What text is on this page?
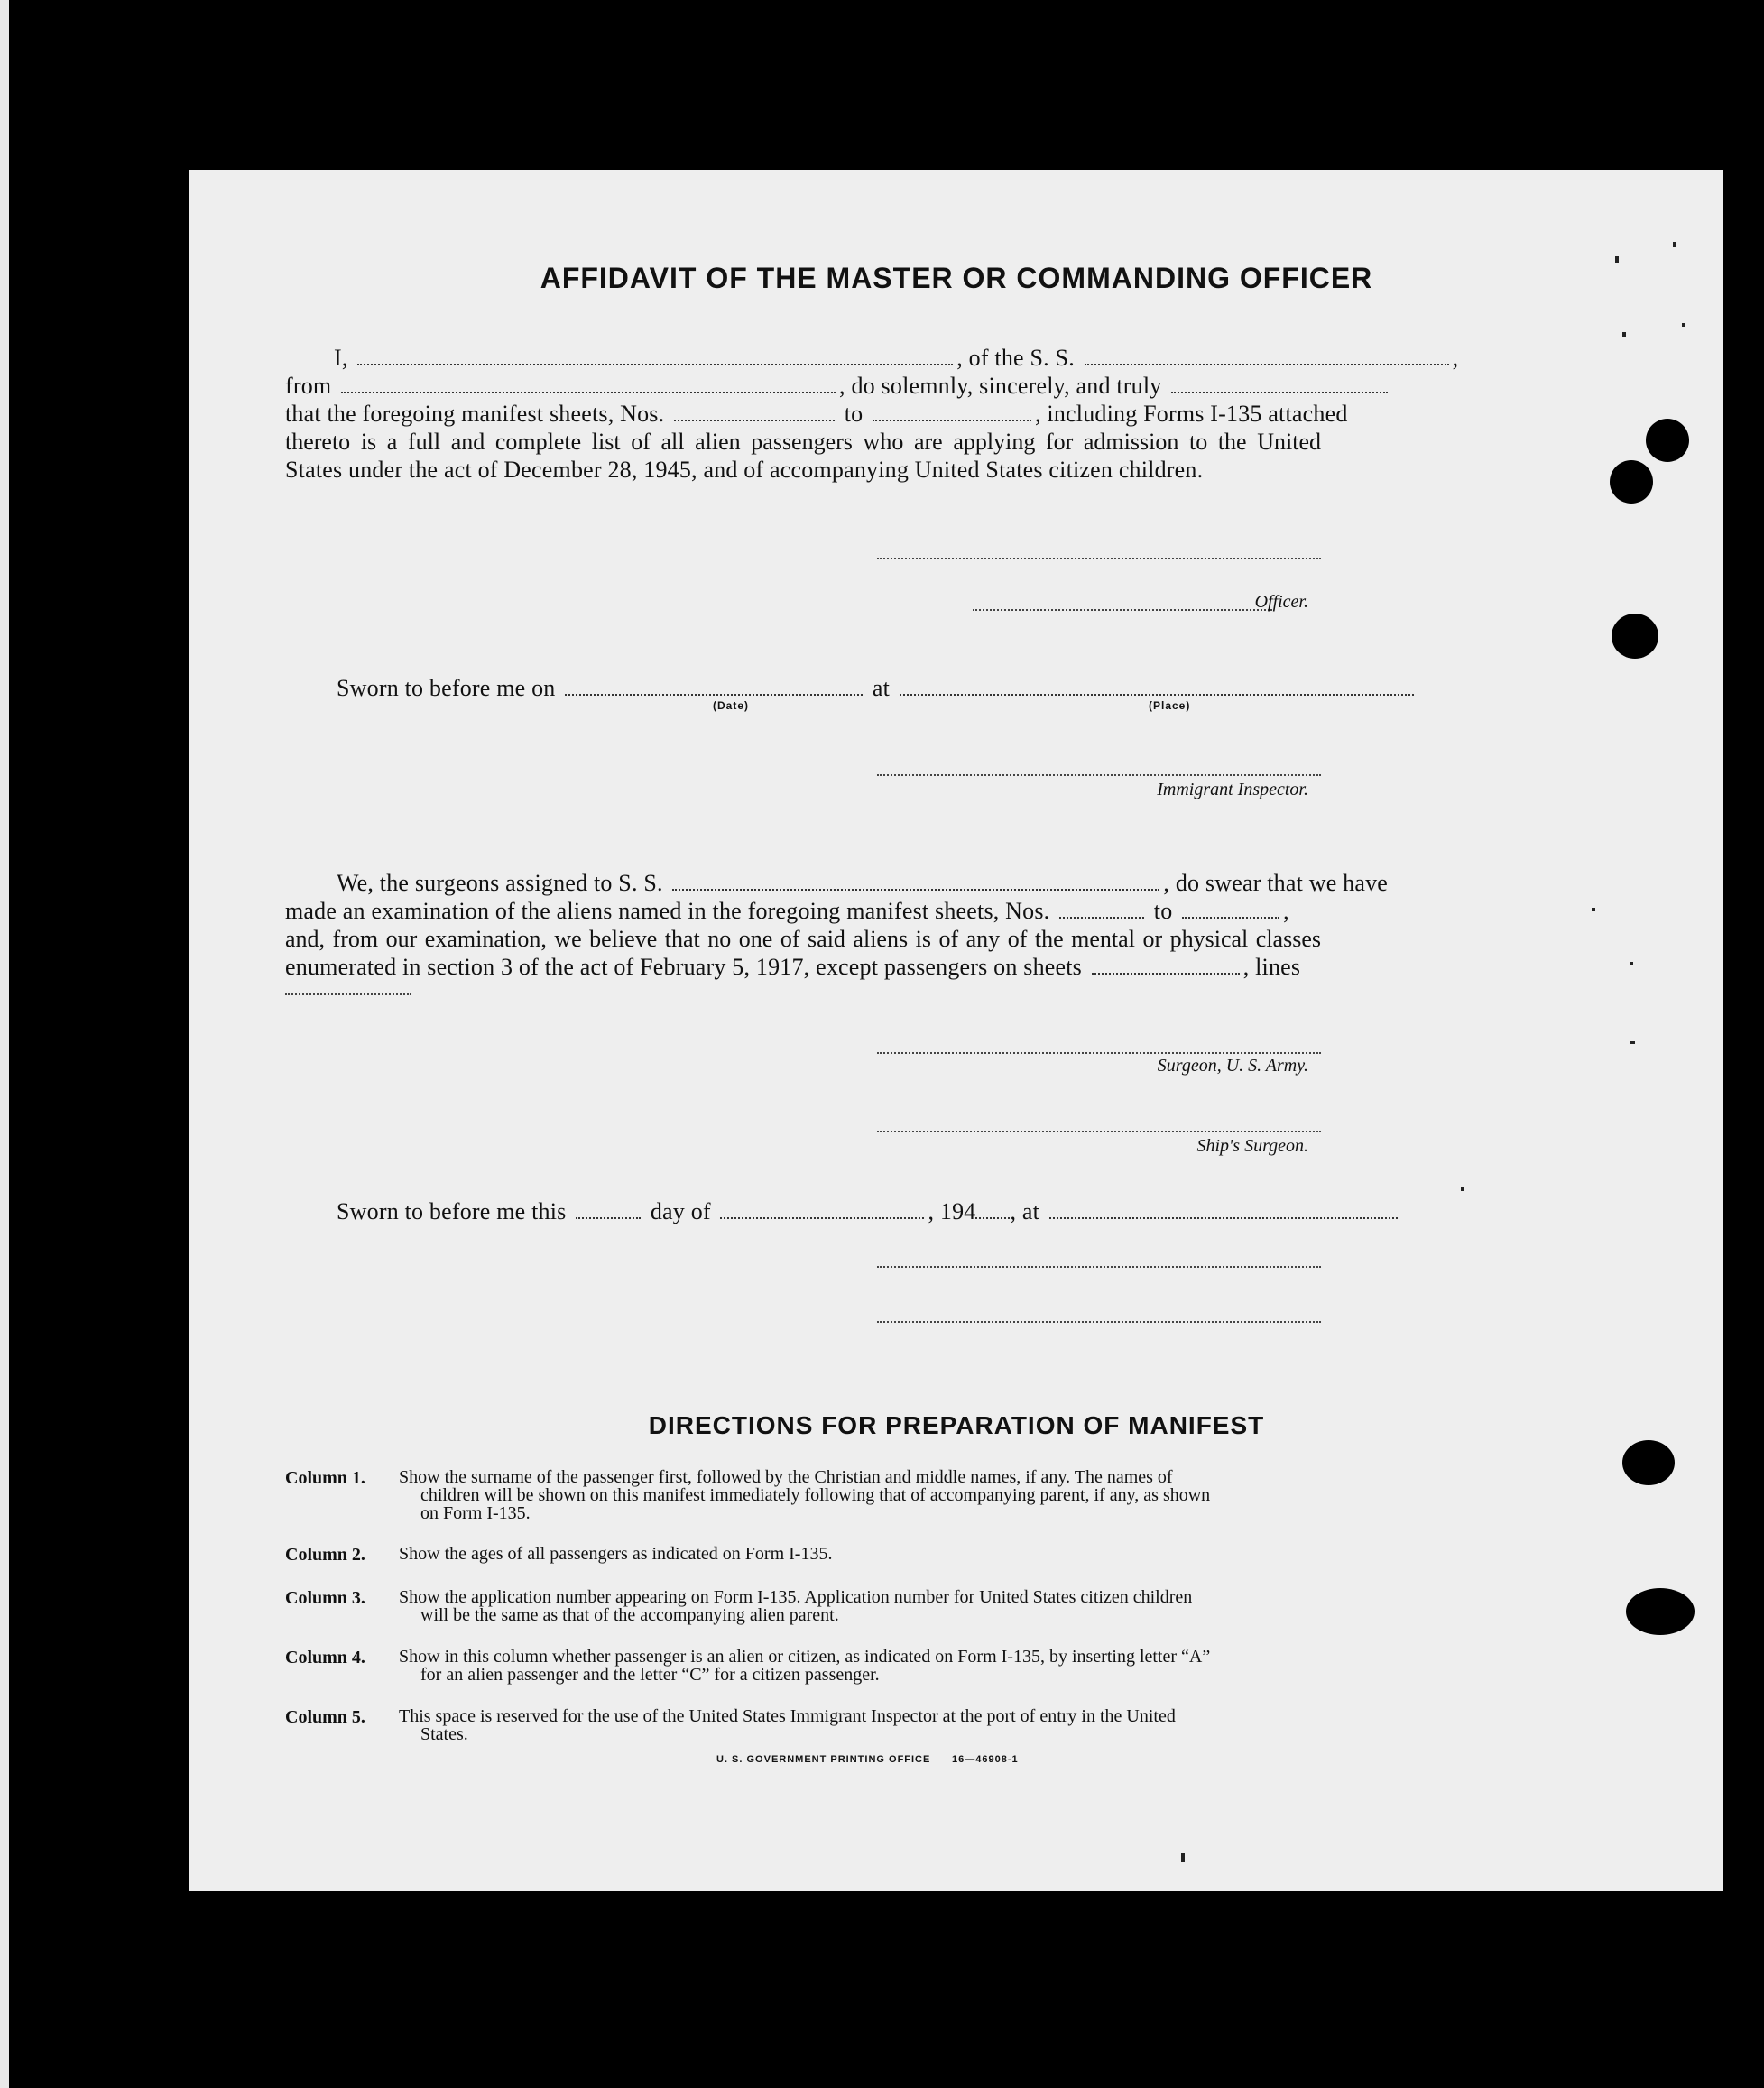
AFFIDAVIT OF THE MASTER OR COMMANDING OFFICER
I,	, of the S. S.	,
from	, do solemnly, sincerely, and truly
that the foregoing manifest sheets, Nos.	to	, including Forms I-135 attached
thereto is a full and complete list of all alien passengers who are applying for admission to the United
States under the act of December 28, 1945, and of accompanying United States citizen children.
Officer.
Sworn to before me on	at
(Date)	(Place)
Immigrant Inspector.
We, the surgeons assigned to S. S.	, do swear that we have
made an examination of the aliens named in the foregoing manifest sheets, Nos.	to	,
and, from our examination, we believe that no one of said aliens is of any of the mental or physical classes
enumerated in section 3 of the act of February 5, 1917, except passengers on sheets	, lines
Surgeon, U. S. Army.
Ship's Surgeon.
Sworn to before me this	day of	, 194 , at
DIRECTIONS FOR PREPARATION OF MANIFEST
Column 1. Show the surname of the passenger first, followed by the Christian and middle names, if any. The names of
children will be shown on this manifest immediately following that of accompanying parent, if any, as shown
on Form I-135.
Column 2. Show the ages of all passengers as indicated on Form I-135.
Column 3. Show the application number appearing on Form I-135. Application number for United States citizen children
will be the same as that of the accompanying alien parent.
Column 4. Show in this column whether passenger is an alien or citizen, as indicated on Form I-135, by inserting letter “A”
for an alien passenger and the letter “C” for a citizen passenger.
Column 5. This space is reserved for the use of the United States Immigrant Inspector at the port of entry in the United
States.
U. S. GOVERNMENT PRINTING OFFICE 16—46908-1
